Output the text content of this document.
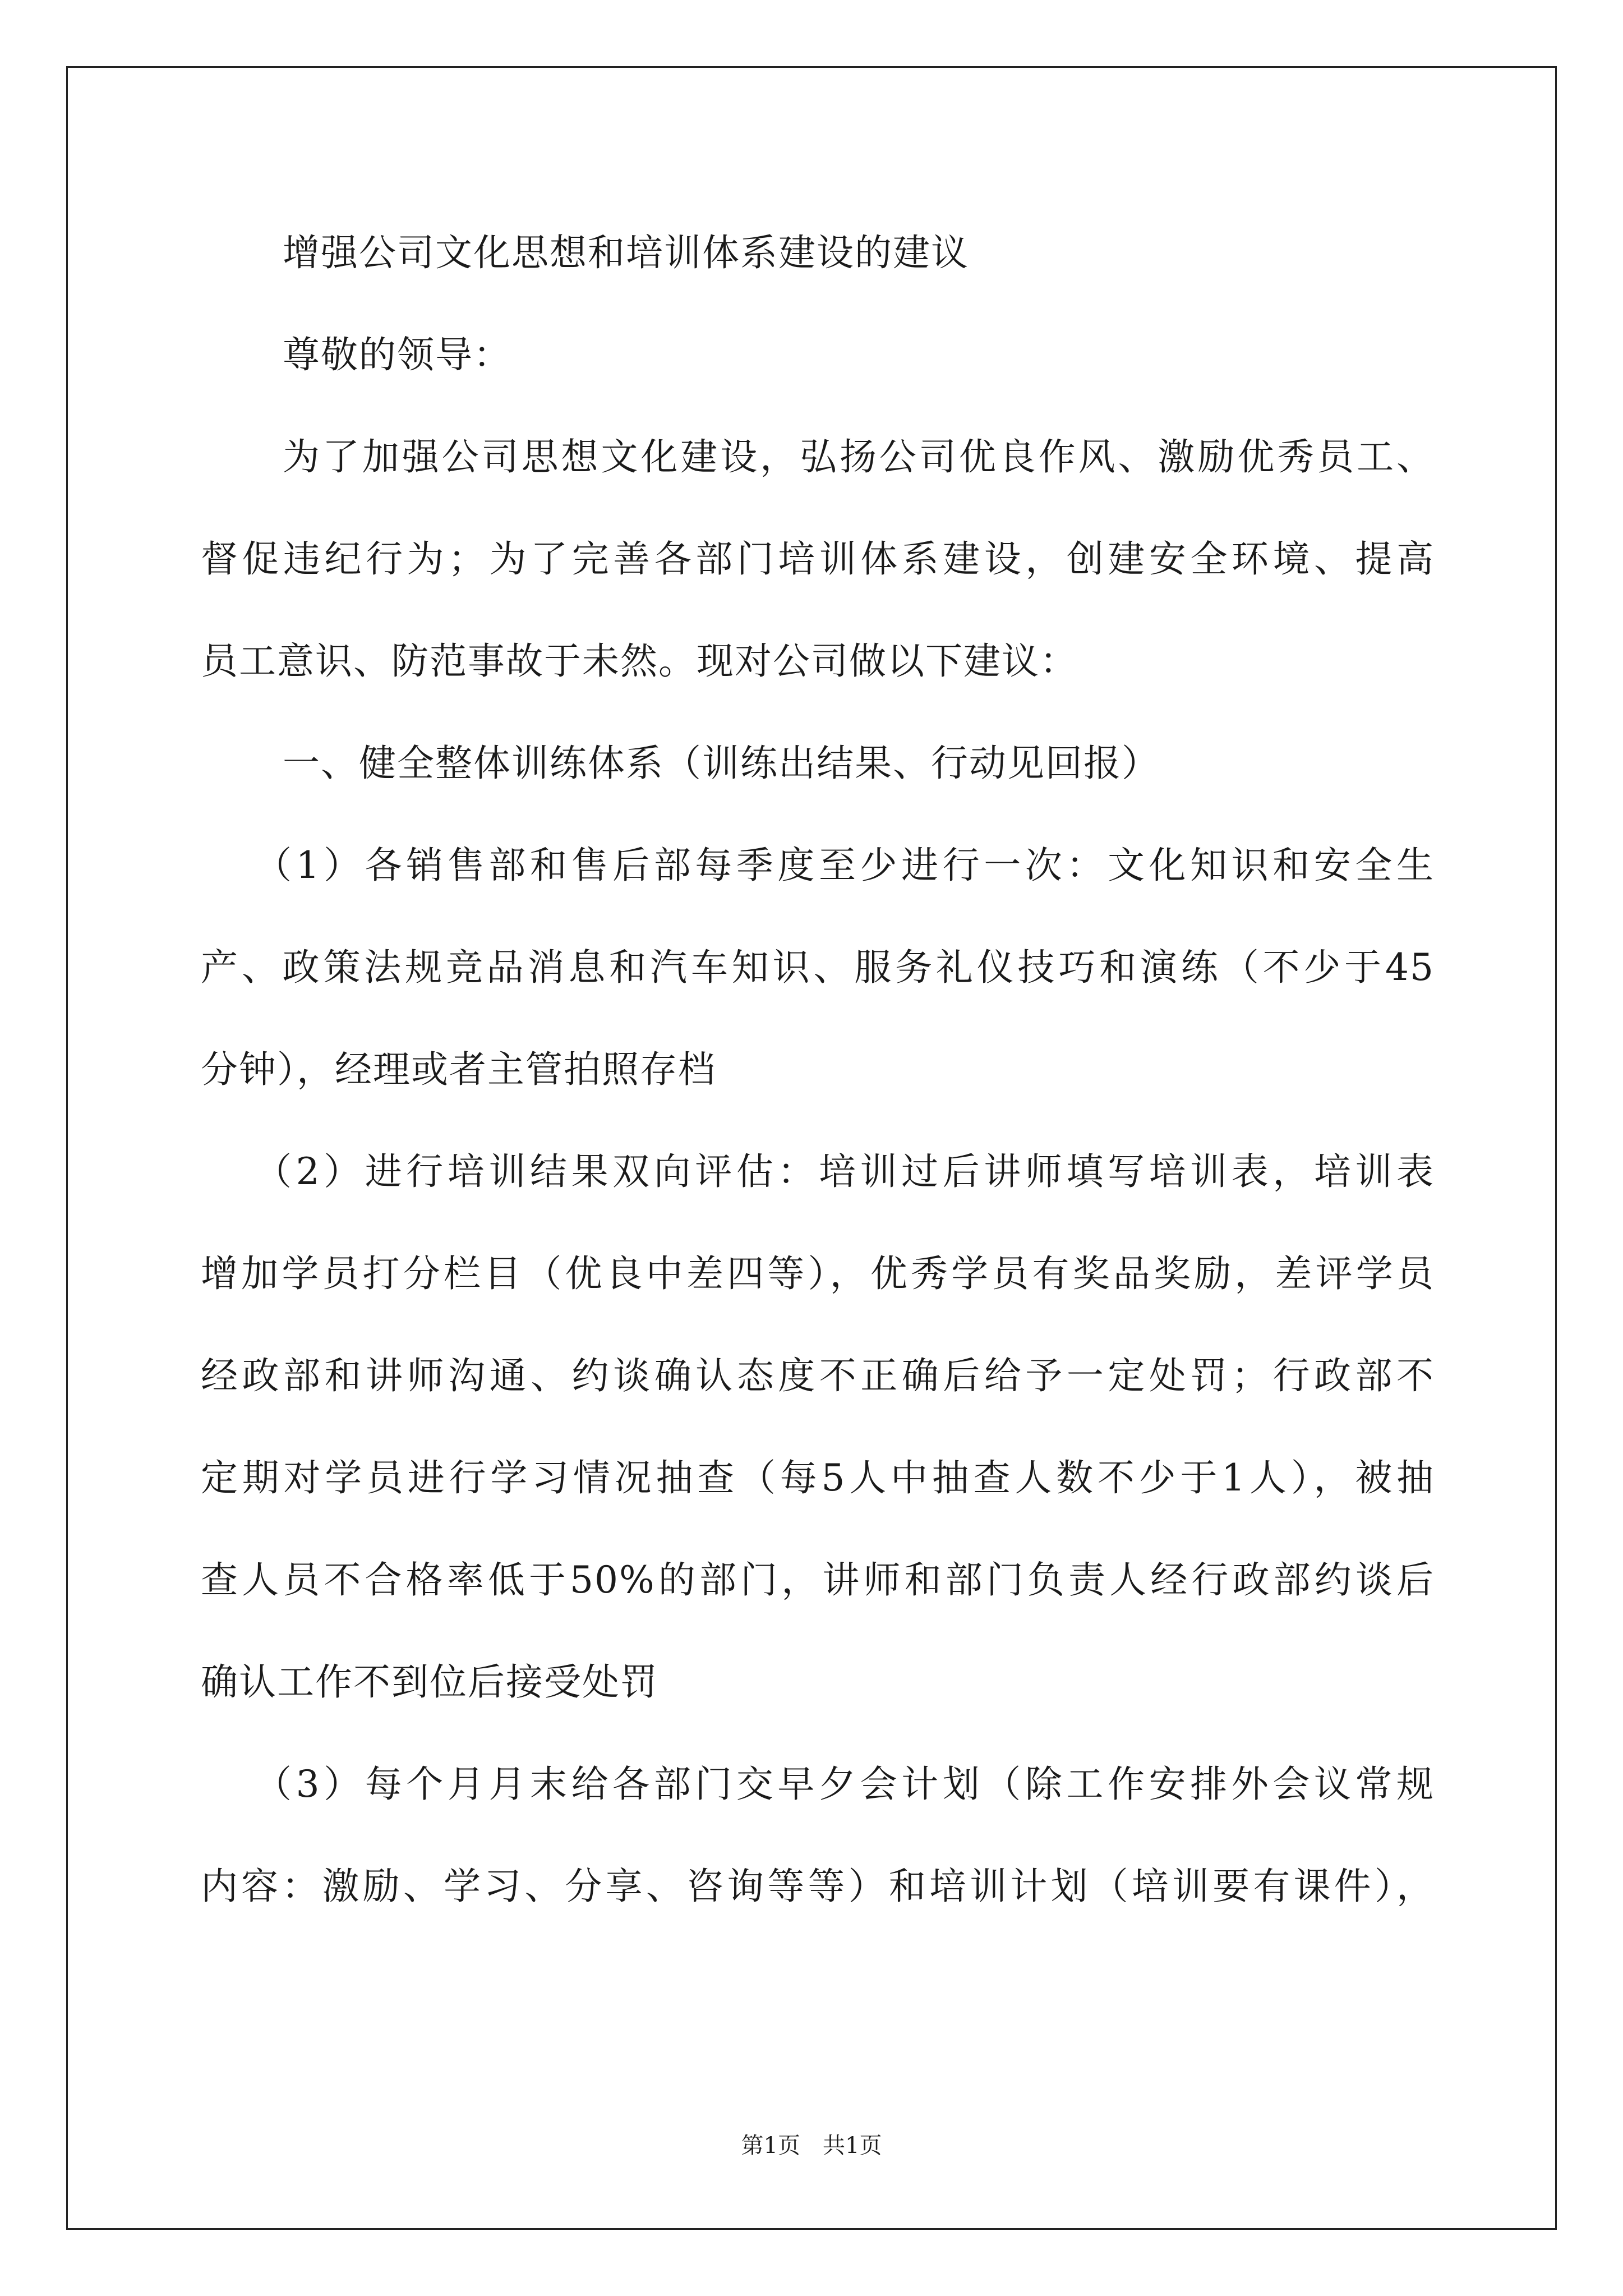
增强公司文化思想和培训体系建设的建议
尊敬的领导：
为了加强公司思想文化建设，弘扬公司优良作风、激励优秀员工、
督促违纪行为；为了完善各部门培训体系建设，创建安全环境、提高
员工意识、防范事故于未然。现对公司做以下建议：
一、健全整体训练体系（训练出结果、行动见回报）
（1）各销售部和售后部每季度至少进行一次：文化知识和安全生
产、政策法规竞品消息和汽车知识、服务礼仪技巧和演练（不少于45
分钟），经理或者主管拍照存档
（2）进行培训结果双向评估：培训过后讲师填写培训表，培训表
增加学员打分栏目（优良中差四等），优秀学员有奖品奖励，差评学员
经政部和讲师沟通、约谈确认态度不正确后给予一定处罚；行政部不
定期对学员进行学习情况抽查（每5人中抽查人数不少于1人），被抽
查人员不合格率低于50%的部门，讲师和部门负责人经行政部约谈后
确认工作不到位后接受处罚
（3）每个月月末给各部门交早夕会计划（除工作安排外会议常规
内容：激励、学习、分享、咨询等等）和培训计划（培训要有课件），
第1页　共1页
